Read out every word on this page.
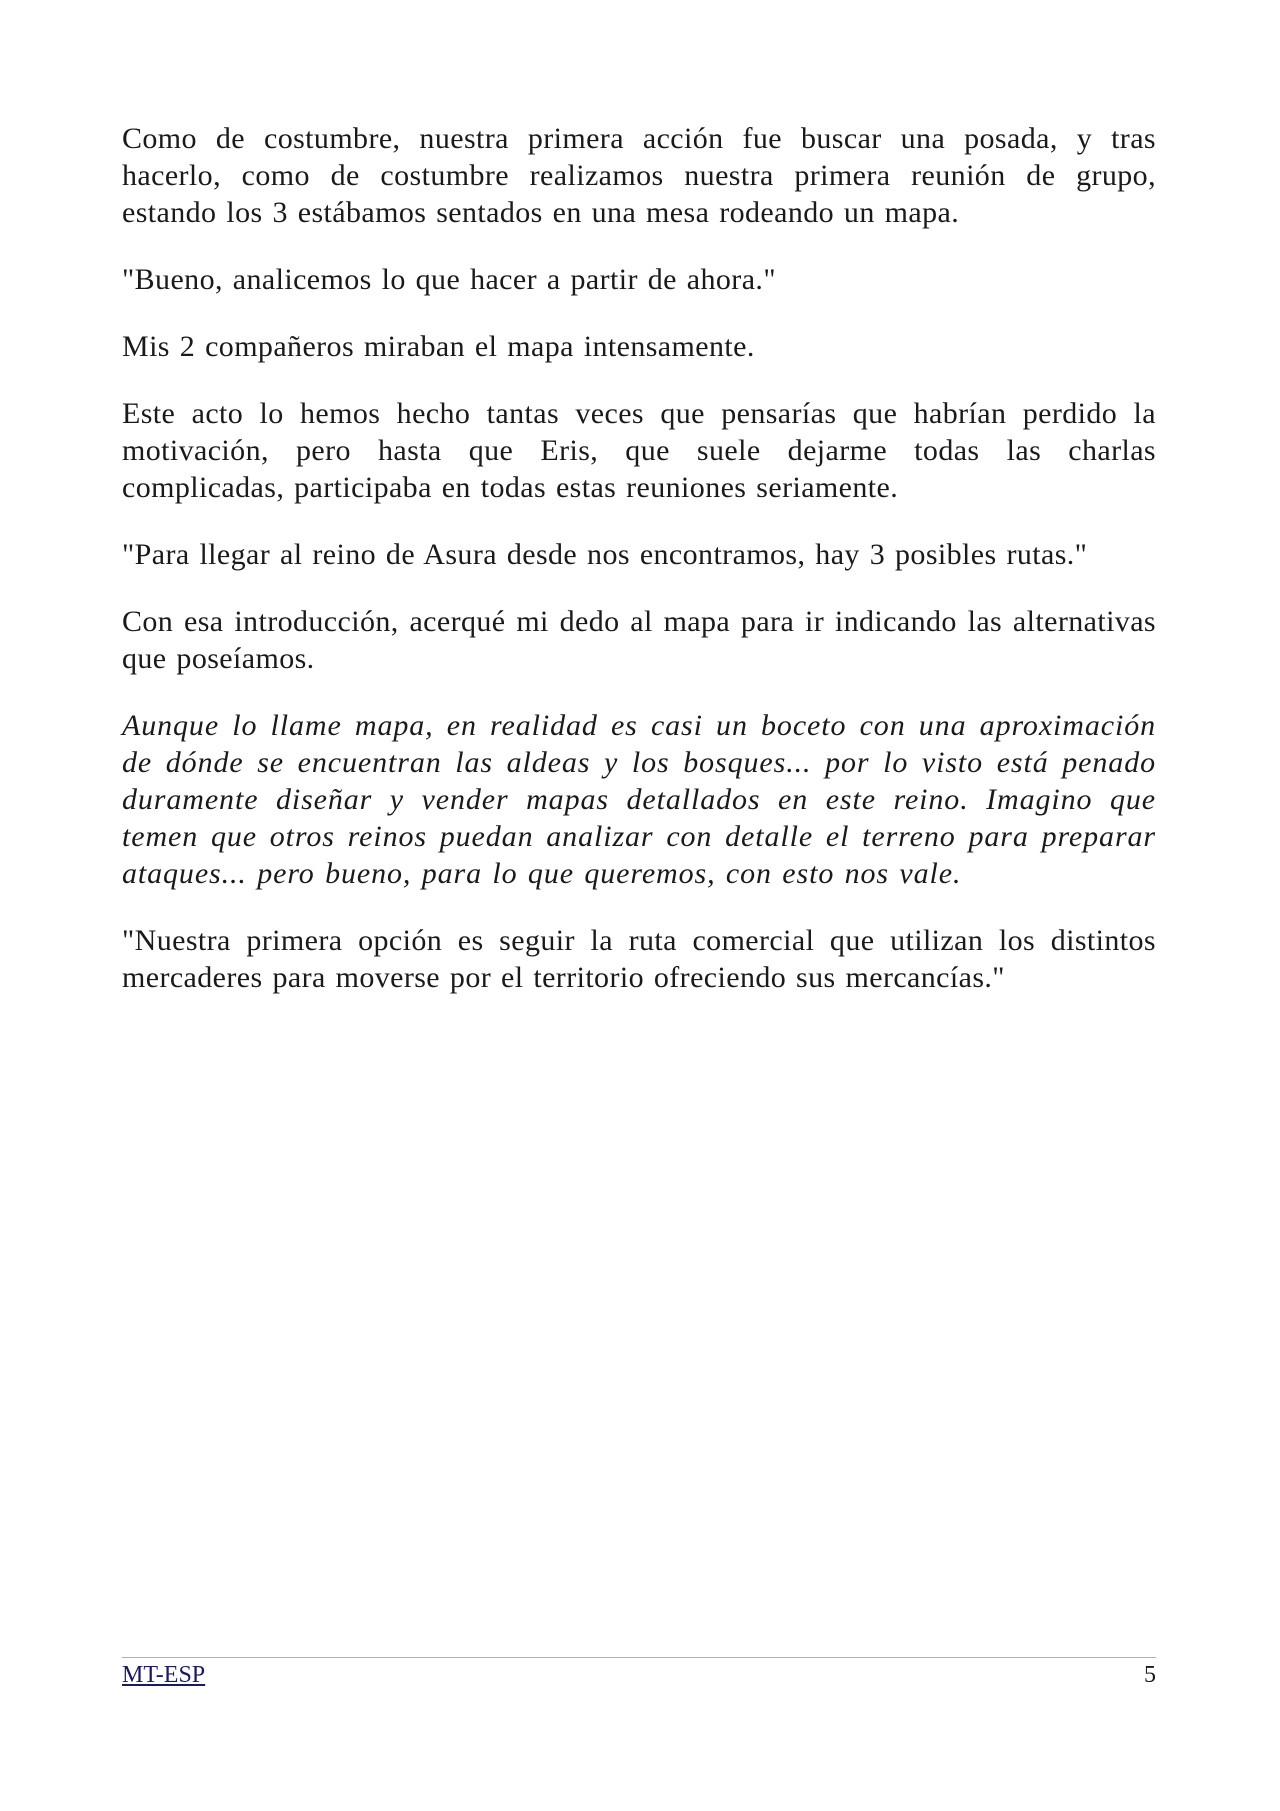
Como de costumbre, nuestra primera acción fue buscar una posada, y tras hacerlo, como de costumbre realizamos nuestra primera reunión de grupo, estando los 3 estábamos sentados en una mesa rodeando un mapa.

"Bueno, analicemos lo que hacer a partir de ahora."

Mis 2 compañeros miraban el mapa intensamente.

Este acto lo hemos hecho tantas veces que pensarías que habrían perdido la motivación, pero hasta que Eris, que suele dejarme todas las charlas complicadas, participaba en todas estas reuniones seriamente.

"Para llegar al reino de Asura desde nos encontramos, hay 3 posibles rutas."

Con esa introducción, acerqué mi dedo al mapa para ir indicando las alternativas que poseíamos.

Aunque lo llame mapa, en realidad es casi un boceto con una aproximación de dónde se encuentran las aldeas y los bosques... por lo visto está penado duramente diseñar y vender mapas detallados en este reino. Imagino que temen que otros reinos puedan analizar con detalle el terreno para preparar ataques... pero bueno, para lo que queremos, con esto nos vale.

"Nuestra primera opción es seguir la ruta comercial que utilizan los distintos mercaderes para moverse por el territorio ofreciendo sus mercancías."

MT-ESP	5
